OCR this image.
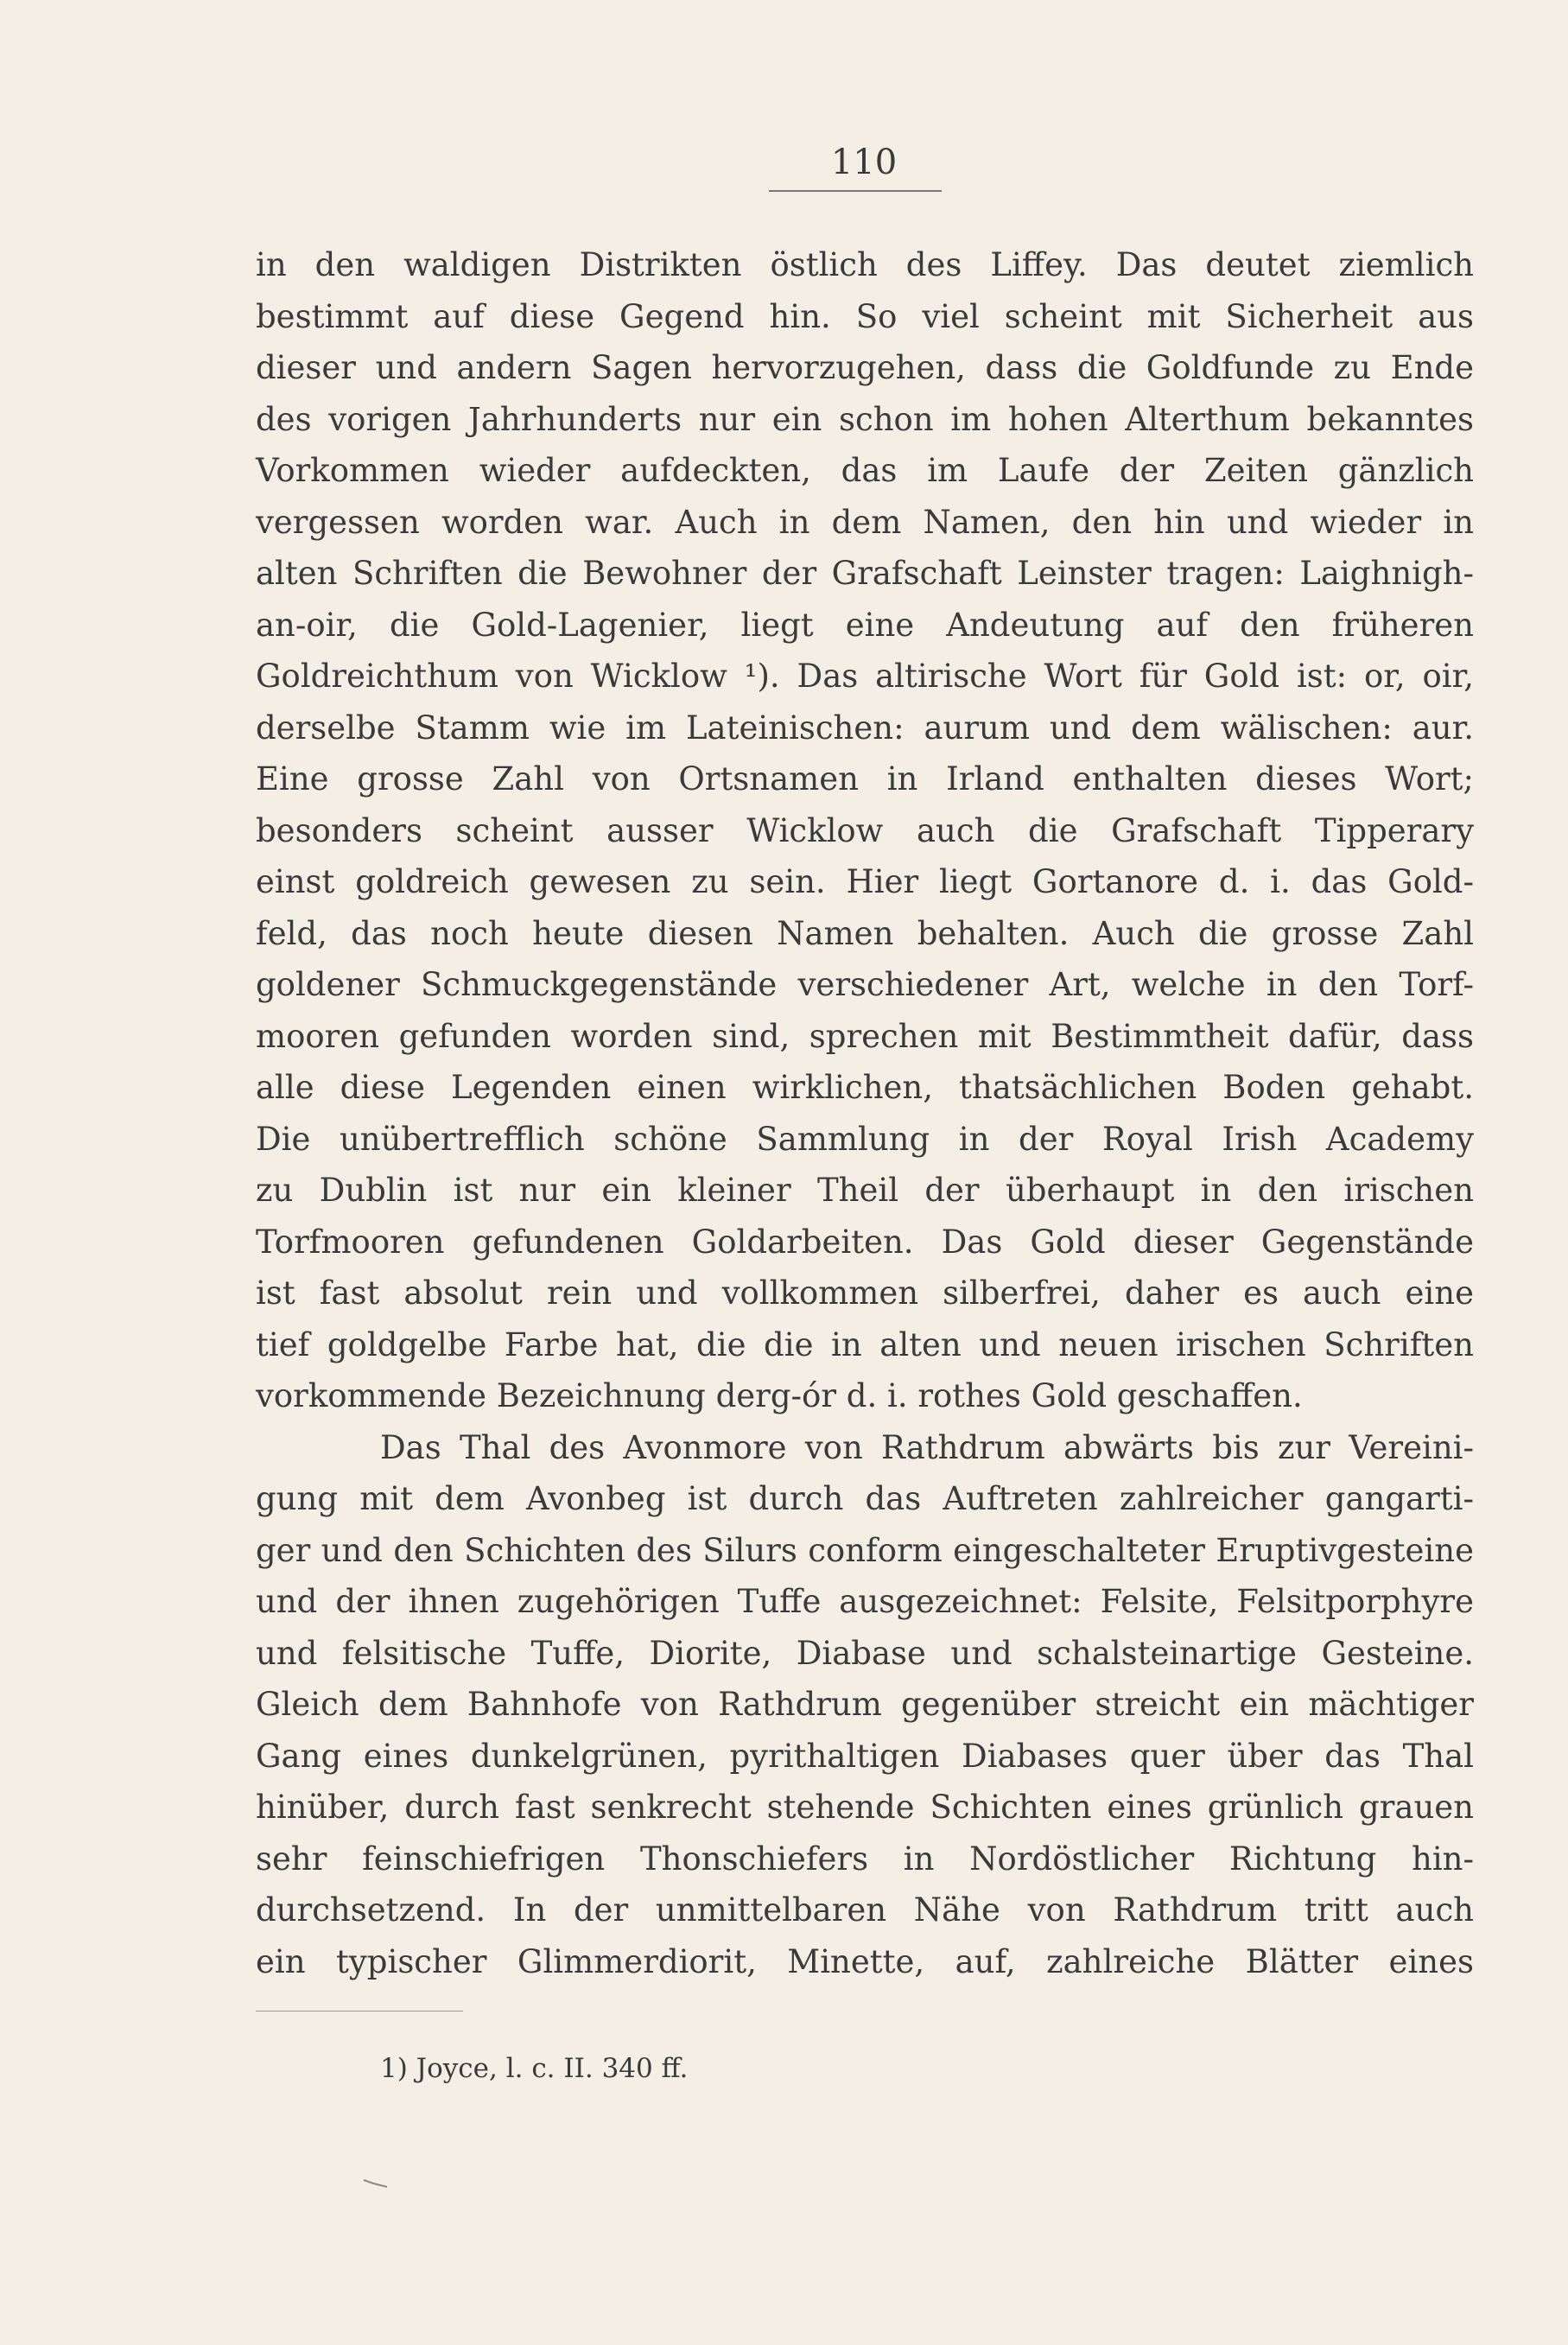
110
in den waldigen Distrikten östlich des Liffey. Das deutet ziemlich
bestimmt auf diese Gegend hin. So viel scheint mit Sicherheit aus
dieser und andern Sagen hervorzugehen, dass die Goldfunde zu Ende
des vorigen Jahrhunderts nur ein schon im hohen Alterthum bekanntes
Vorkommen wieder aufdeckten, das im Laufe der Zeiten gänzlich
vergessen worden war. Auch in dem Namen, den hin und wieder in
alten Schriften die Bewohner der Grafschaft Leinster tragen: Laighnigh-
an-oir, die Gold-Lagenier, liegt eine Andeutung auf den früheren
Goldreichthum von Wicklow ¹). Das altirische Wort für Gold ist: or, oir,
derselbe Stamm wie im Lateinischen: aurum und dem wälischen: aur.
Eine grosse Zahl von Ortsnamen in Irland enthalten dieses Wort;
besonders scheint ausser Wicklow auch die Grafschaft Tipperary
einst goldreich gewesen zu sein. Hier liegt Gortanore d. i. das Gold-
feld, das noch heute diesen Namen behalten. Auch die grosse Zahl
goldener Schmuckgegenstände verschiedener Art, welche in den Torf-
mooren gefunden worden sind, sprechen mit Bestimmtheit dafür, dass
alle diese Legenden einen wirklichen, thatsächlichen Boden gehabt.
Die unübertrefflich schöne Sammlung in der Royal Irish Academy
zu Dublin ist nur ein kleiner Theil der überhaupt in den irischen
Torfmooren gefundenen Goldarbeiten. Das Gold dieser Gegenstände
ist fast absolut rein und vollkommen silberfrei, daher es auch eine
tief goldgelbe Farbe hat, die die in alten und neuen irischen Schriften
vorkommende Bezeichnung derg-ór d. i. rothes Gold geschaffen.
Das Thal des Avonmore von Rathdrum abwärts bis zur Vereini-
gung mit dem Avonbeg ist durch das Auftreten zahlreicher gangarti-
ger und den Schichten des Silurs conform eingeschalteter Eruptivgesteine
und der ihnen zugehörigen Tuffe ausgezeichnet: Felsite, Felsitporphyre
und felsitische Tuffe, Diorite, Diabase und schalsteinartige Gesteine.
Gleich dem Bahnhofe von Rathdrum gegenüber streicht ein mächtiger
Gang eines dunkelgrünen, pyrithaltigen Diabases quer über das Thal
hinüber, durch fast senkrecht stehende Schichten eines grünlich grauen
sehr feinschiefrigen Thonschiefers in Nordöstlicher Richtung hin-
durchsetzend. In der unmittelbaren Nähe von Rathdrum tritt auch
ein typischer Glimmerdiorit, Minette, auf, zahlreiche Blätter eines
1) Joyce, l. c. II. 340 ff.
